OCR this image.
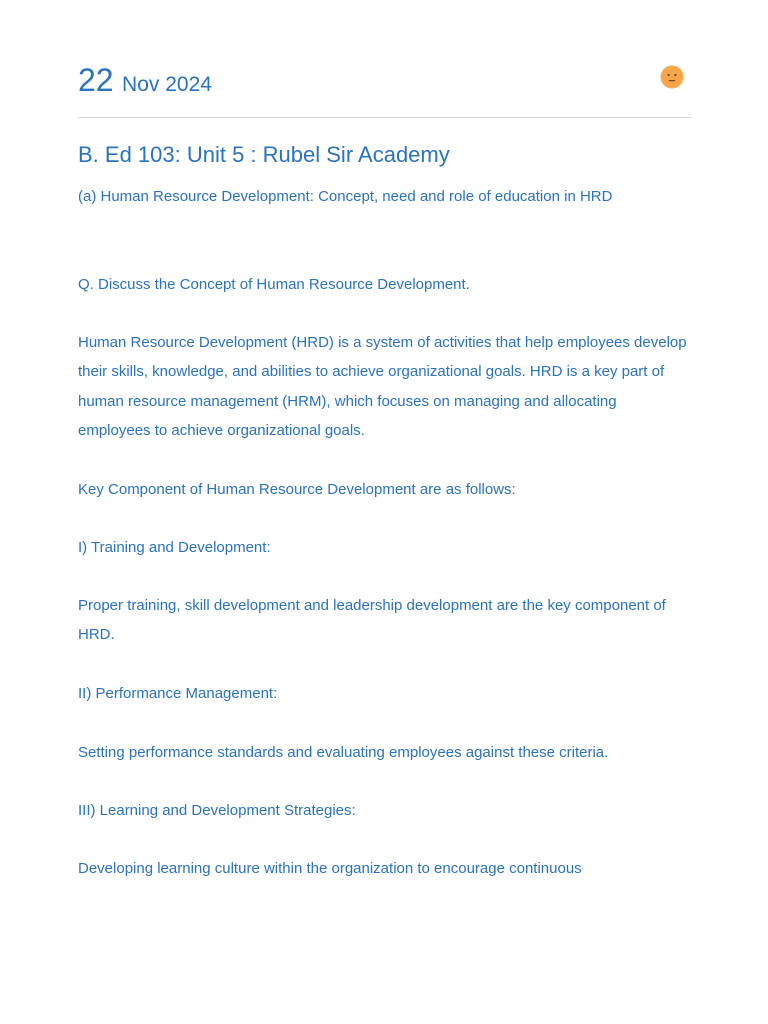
22 Nov 2024
B. Ed 103: Unit 5 : Rubel Sir Academy

(a) Human Resource Development: Concept, need and role of education in HRD

Q. Discuss the Concept of Human Resource Development.

Human Resource Development (HRD) is a system of activities that help employees develop their skills, knowledge, and abilities to achieve organizational goals. HRD is a key part of human resource management (HRM), which focuses on managing and allocating employees to achieve organizational goals.

Key Component of Human Resource Development are as follows:

I) Training and Development:

Proper training, skill development and leadership development are the key component of HRD.

II) Performance Management:

Setting performance standards and evaluating employees against these criteria.

III) Learning and Development Strategies:

Developing learning culture within the organization to encourage continuous
